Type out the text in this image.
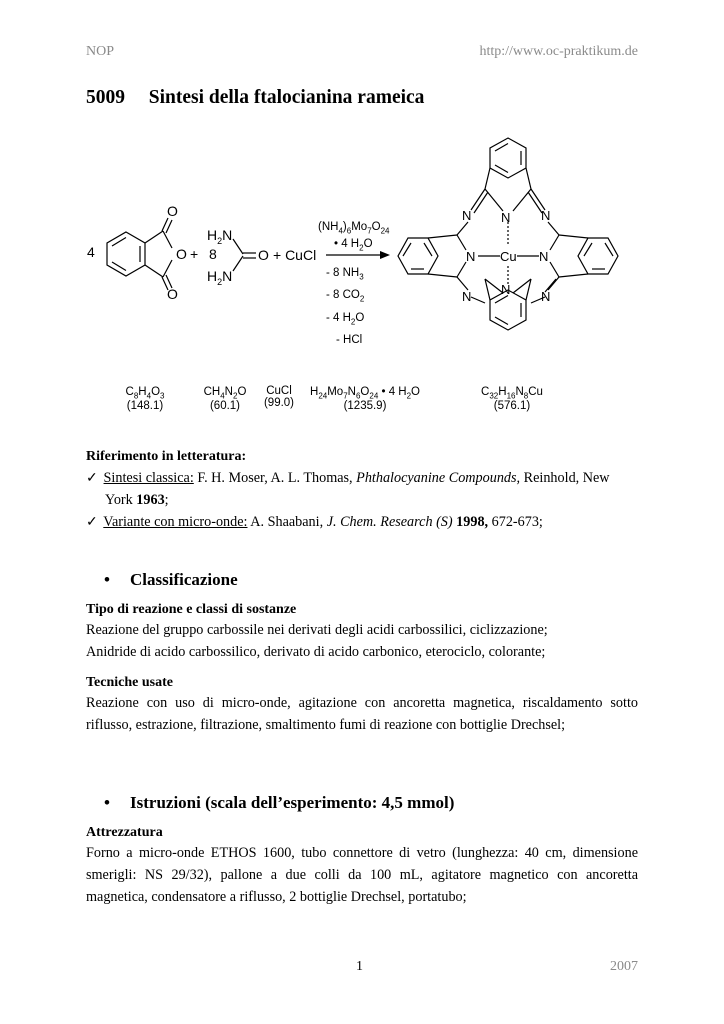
NOP	http://www.oc-praktikum.de
5009 Sintesi della ftalocianina rameica
4
O
O
O
+ 8
$H_2N$
$H_2N$
O + CuCl
N N N
N Cu N
N N N
$(NH_4)_6Mo_7O_{24}$
• 4 $H_2O$
- 8 $NH_3$
- 8 $CO_2$
- 4 $H_2O$
- HCl
$C_8H_4O_3$
(148.1)
$CH_4N_2O$
(60.1)
CuCl
(99.0)
$H_{24}Mo_7N_6O_{24}$ • 4 $H_2O$
(1235.9)
$C_{32}H_{16}N_8Cu$
(576.1)
Riferimento in letteratura:
✓ Sintesi classica: F. H. Moser, A. L. Thomas, Phthalocyanine Compounds, Reinhold, New
York 1963;
✓ Variante con micro-onde: A. Shaabani, J. Chem. Research (S) 1998, 672-673;
• Classificazione
Tipo di reazione e classi di sostanze
Reazione del gruppo carbossile nei derivati degli acidi carbossilici, ciclizzazione;
Anidride di acido carbossilico, derivato di acido carbonico, eterociclo, colorante;
Tecniche usate
Reazione con uso di micro-onde, agitazione con ancoretta magnetica, riscaldamento sotto riflusso, estrazione, filtrazione, smaltimento fumi di reazione con bottiglie Drechsel;
• Istruzioni (scala dell’esperimento: 4,5 mmol)
Attrezzatura
Forno a micro-onde ETHOS 1600, tubo connettore di vetro (lunghezza: 40 cm, dimensione smerigli: NS 29/32), pallone a due colli da 100 mL, agitatore magnetico con ancoretta magnetica, condensatore a riflusso, 2 bottiglie Drechsel, portatubo;
1	2007
